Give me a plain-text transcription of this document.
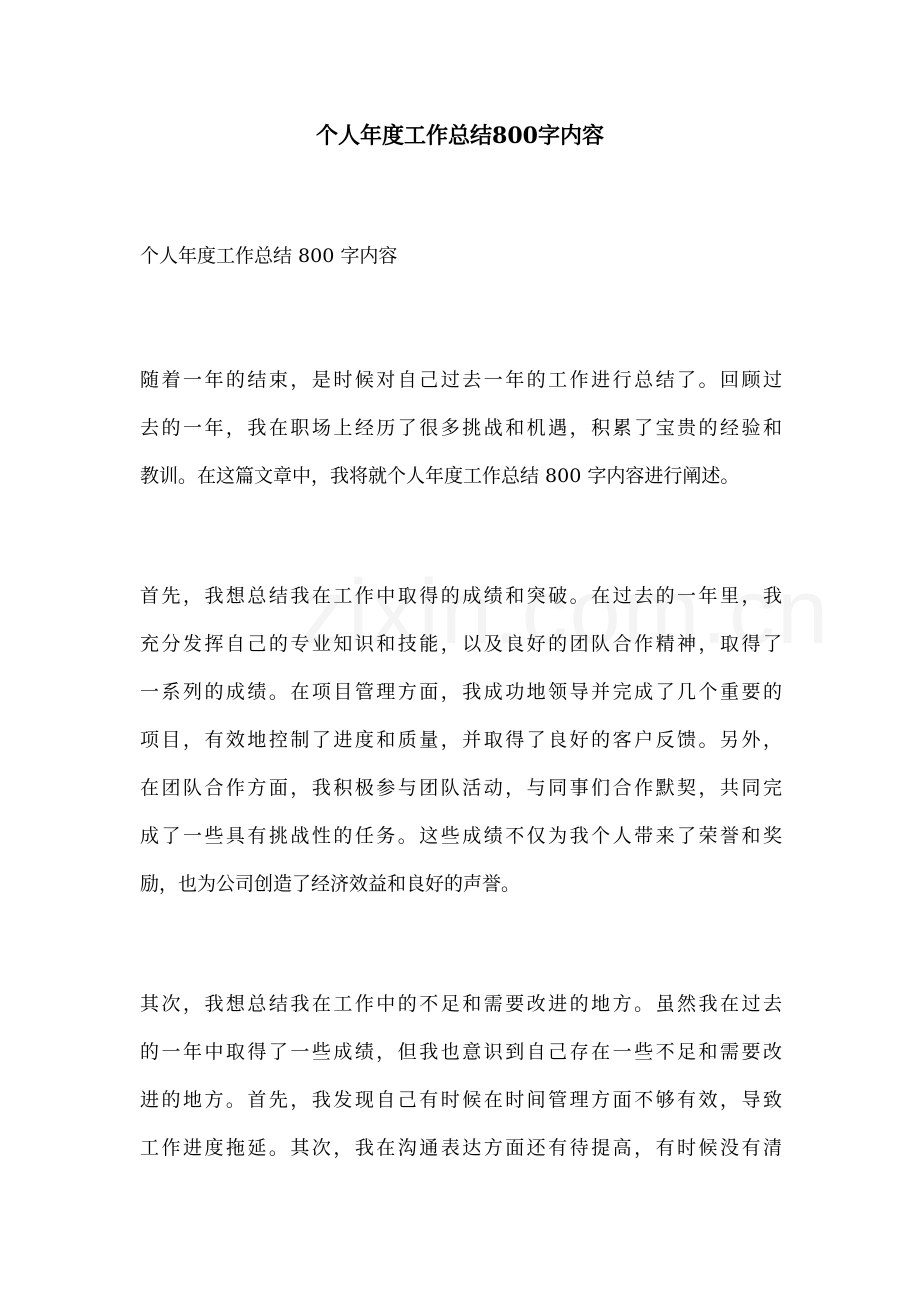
个人年度工作总结800字内容

个人年度工作总结 800 字内容

随着一年的结束，是时候对自己过去一年的工作进行总结了。回顾过
去的一年，我在职场上经历了很多挑战和机遇，积累了宝贵的经验和
教训。在这篇文章中，我将就个人年度工作总结 800 字内容进行阐述。
首先，我想总结我在工作中取得的成绩和突破。在过去的一年里，我
充分发挥自己的专业知识和技能，以及良好的团队合作精神，取得了
一系列的成绩。在项目管理方面，我成功地领导并完成了几个重要的
项目，有效地控制了进度和质量，并取得了良好的客户反馈。另外，
在团队合作方面，我积极参与团队活动，与同事们合作默契，共同完
成了一些具有挑战性的任务。这些成绩不仅为我个人带来了荣誉和奖
励，也为公司创造了经济效益和良好的声誉。
其次，我想总结我在工作中的不足和需要改进的地方。虽然我在过去
的一年中取得了一些成绩，但我也意识到自己存在一些不足和需要改
进的地方。首先，我发现自己有时候在时间管理方面不够有效，导致
工作进度拖延。其次，我在沟通表达方面还有待提高，有时候没有清
